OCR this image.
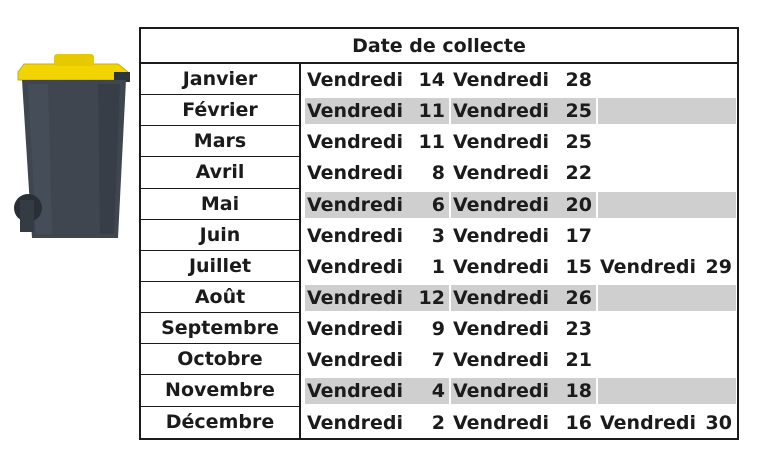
Date de collecte
Janvier
Février
Mars
Avril
Mai
Juin
Juillet
Août
Septembre
Octobre
Novembre
Décembre
Vendredi 14 Vendredi 28
Vendredi 11 Vendredi 25
Vendredi 11 Vendredi 25
Vendredi 8 Vendredi 22
Vendredi 6 Vendredi 20
Vendredi 3 Vendredi 17
Vendredi 1 Vendredi 15 Vendredi 29
Vendredi 12 Vendredi 26
Vendredi 9 Vendredi 23
Vendredi 7 Vendredi 21
Vendredi 4 Vendredi 18
Vendredi 2 Vendredi 16 Vendredi 30
